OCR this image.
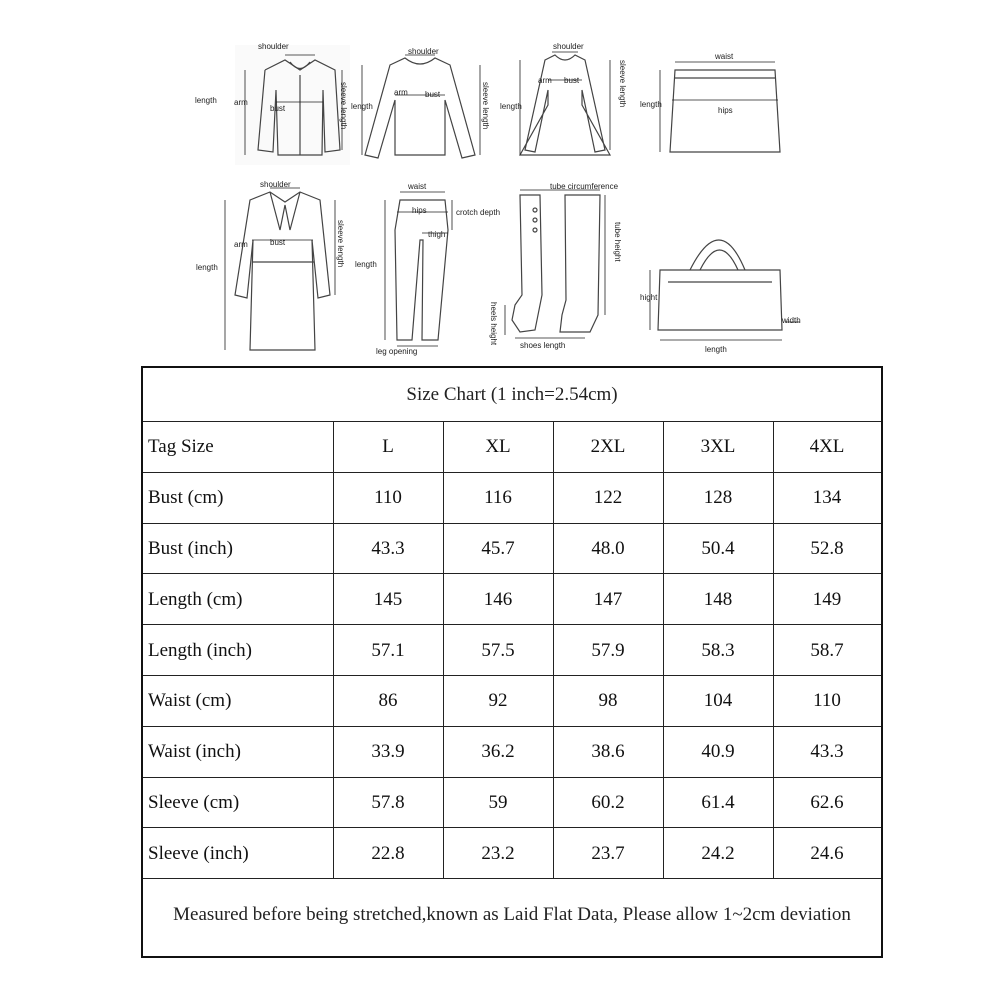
shoulder
length arm
bust	sleeve length
shoulder
length
arm bust	sleeve length
shoulder
length
arm bust	sleeve length
waist
length
hips
shoulder
length
arm	bust	sleeve length
waist
hips	crotch depth
thigh
length
leg opening
tube circumference
tube height
heels height
shoes length
hight
width
length
Size Chart (1 inch=2.54cm)
Tag Size	L	XL	2XL	3XL	4XL
Bust (cm)	110	116	122	128	134
Bust (inch)	43.3	45.7	48.0	50.4	52.8
Length (cm)	145	146	147	148	149
Length (inch)	57.1	57.5	57.9	58.3	58.7
Waist (cm)	86	92	98	104	110
Waist (inch)	33.9	36.2	38.6	40.9	43.3
Sleeve (cm)	57.8	59	60.2	61.4	62.6
Sleeve (inch)	22.8	23.2	23.7	24.2	24.6
Measured before being stretched,known as Laid Flat Data, Please allow 1~2cm deviation
